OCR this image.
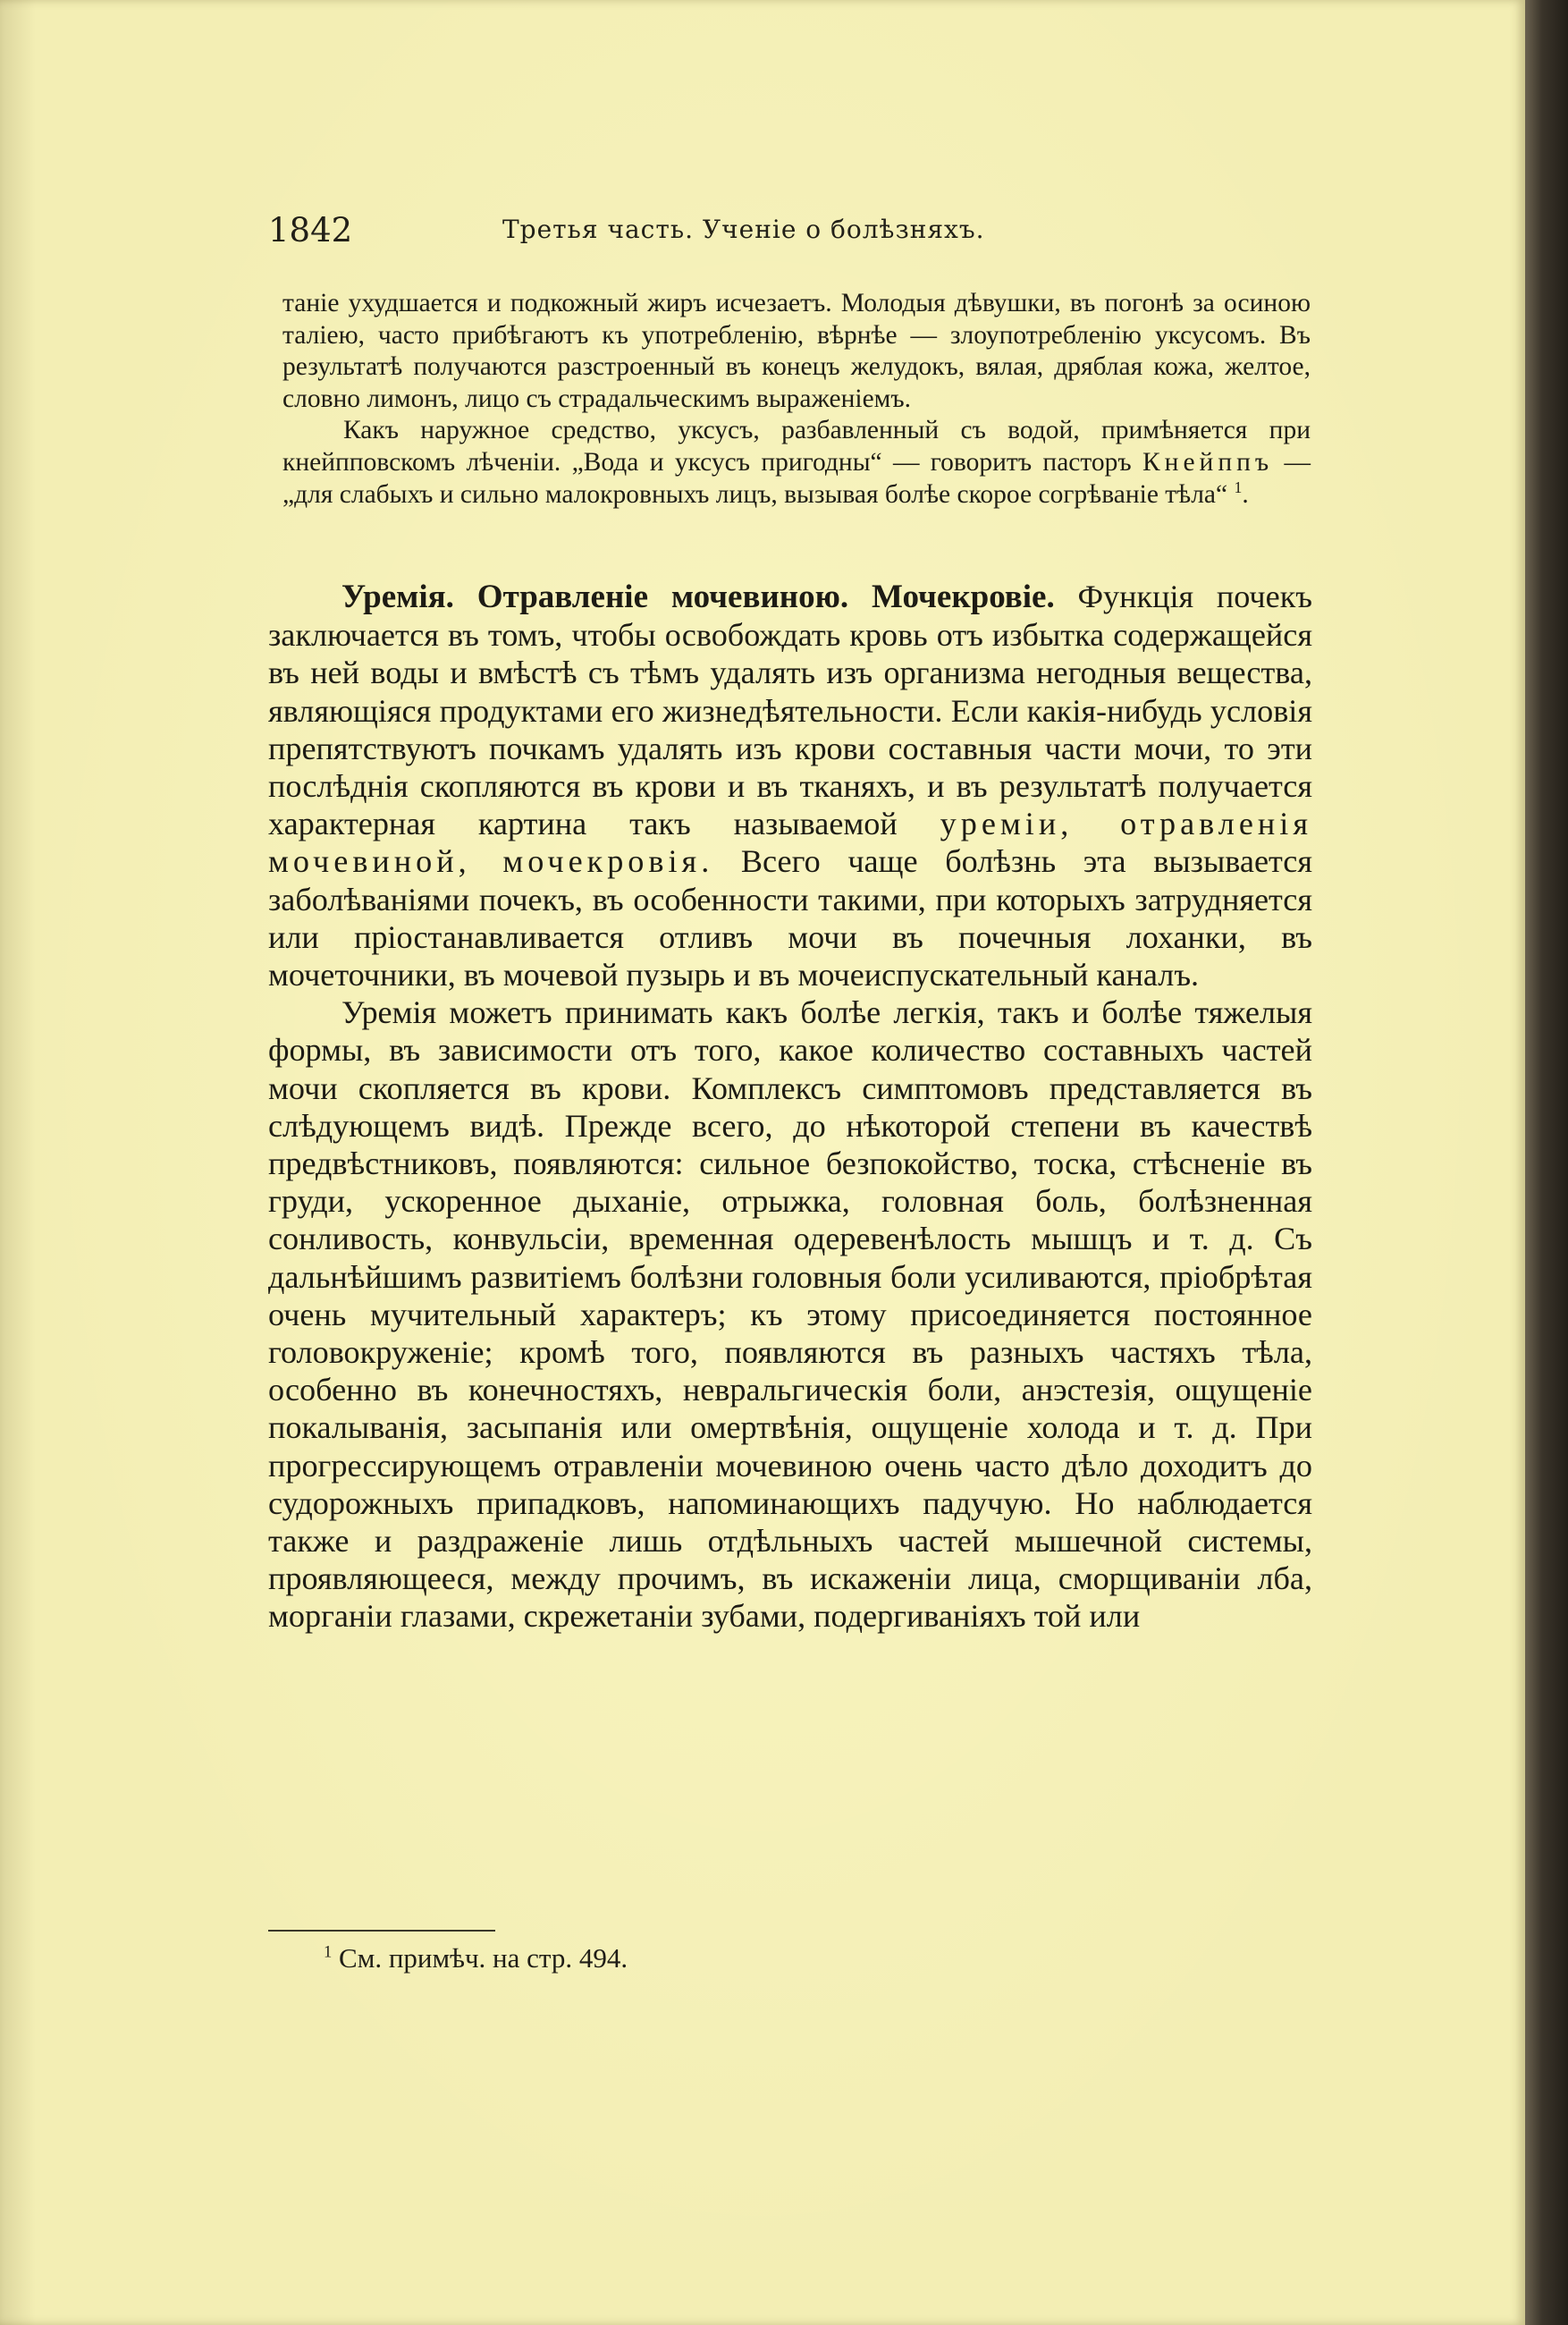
1842	Третья часть. Ученіе о болѣзняхъ.

таніе ухудшается и подкожный жиръ исчезаетъ. Молодыя дѣвушки, въ погонѣ за осиною таліею, часто прибѣгаютъ къ употребленію, вѣрнѣе — злоупотребленію уксусомъ. Въ результатѣ получаются разстроенный въ конецъ желудокъ, вялая, дряблая кожа, желтое, словно лимонъ, лицо съ страдальческимъ выраженіемъ.

Какъ наружное средство, уксусъ, разбавленный съ водой, примѣняется при кнейпповскомъ лѣченіи. „Вода и уксусъ пригодны“ — говоритъ пасторъ Кнейппъ — „для слабыхъ и сильно малокровныхъ лицъ, вызывая болѣе скорое согрѣваніе тѣла“ $^1$.

Уремія. Отравленіе мочевиною. Мочекровіе. Функція почекъ заключается въ томъ, чтобы освобождать кровь отъ избытка содержащейся въ ней воды и вмѣстѣ съ тѣмъ удалять изъ организма негодныя вещества, являющіяся продуктами его жизнедѣятельности. Если какія-нибудь условія препятствуютъ почкамъ удалять изъ крови составныя части мочи, то эти послѣднія скопляются въ крови и въ тканяхъ, и въ результатѣ получается характерная картина такъ называемой уреміи, отравленія мочевиной, мочекровія. Всего чаще болѣзнь эта вызывается заболѣваніями почекъ, въ особенности такими, при которыхъ затрудняется или пріостанавливается отливъ мочи въ почечныя лоханки, въ мочеточники, въ мочевой пузырь и въ мочеиспускательный каналъ.

Уремія можетъ принимать какъ болѣе легкія, такъ и болѣе тяжелыя формы, въ зависимости отъ того, какое количество составныхъ частей мочи скопляется въ крови. Комплексъ симптомовъ представляется въ слѣдующемъ видѣ. Прежде всего, до нѣкоторой степени въ качествѣ предвѣстниковъ, появляются: сильное безпокойство, тоска, стѣсненіе въ груди, ускоренное дыханіе, отрыжка, головная боль, болѣзненная сонливость, конвульсіи, временная одеревенѣлость мышцъ и т. д. Съ дальнѣйшимъ развитіемъ болѣзни головныя боли усиливаются, пріобрѣтая очень мучительный характеръ; къ этому присоединяется постоянное головокруженіе; кромѣ того, появляются въ разныхъ частяхъ тѣла, особенно въ конечностяхъ, невральгическія боли, анэстезія, ощущеніе покалыванія, засыпанія или омертвѣнія, ощущеніе холода и т. д. При прогрессирующемъ отравленіи мочевиною очень часто дѣло доходитъ до судорожныхъ припадковъ, напоминающихъ падучую. Но наблюдается также и раздраженіе лишь отдѣльныхъ частей мышечной системы, проявляющееся, между прочимъ, въ искаженіи лица, сморщиваніи лба, морганіи глазами, скрежетаніи зубами, подергиваніяхъ той или

$^1$ См. примѣч. на стр. 494.
